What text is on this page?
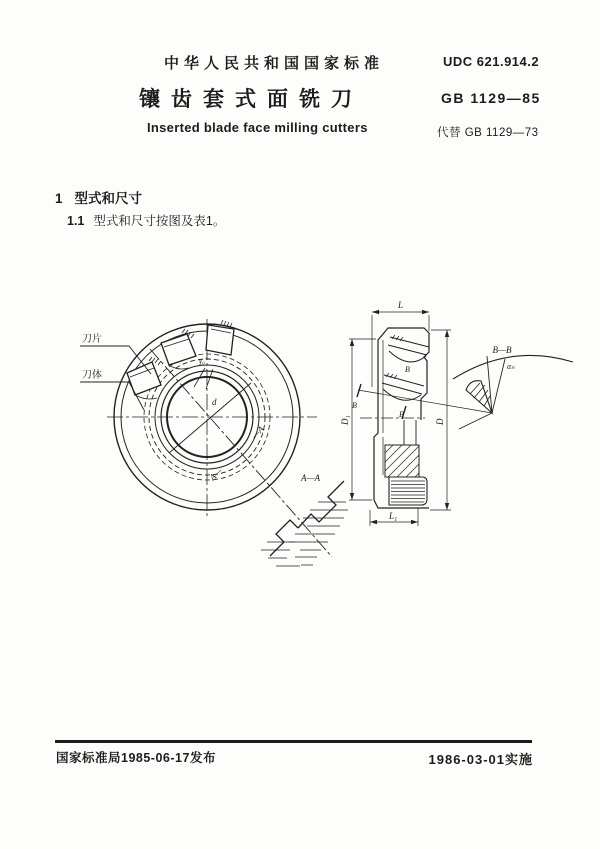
中华人民共和国国家标准	UDC 621.914.2
镶齿套式面铣刀	GB 1129—85
Inserted blade face milling cutters	代替 GB 1129—73
1 型式和尺寸
1.1 型式和尺寸按图及表1。
d
γ₀′
刀片
刀体
A—
—A
A—A
L
D₁	D
L₁
B
B
B
B—B
αₙ
国家标准局1985-06-17发布	1986-03-01实施
